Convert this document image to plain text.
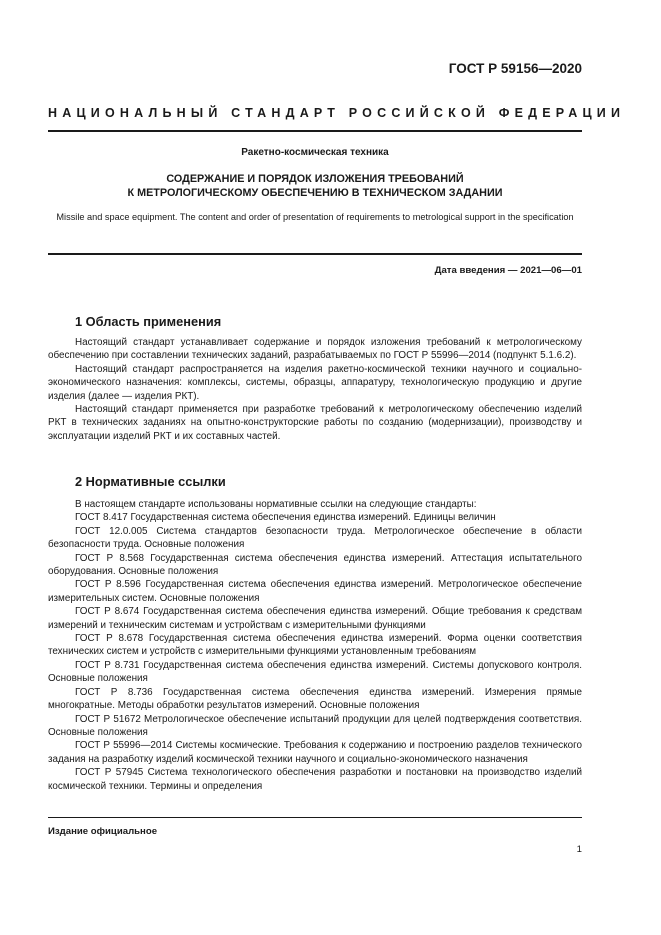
ГОСТ Р 59156—2020
НАЦИОНАЛЬНЫЙ СТАНДАРТ РОССИЙСКОЙ ФЕДЕРАЦИИ
Ракетно-космическая техника
СОДЕРЖАНИЕ И ПОРЯДОК ИЗЛОЖЕНИЯ ТРЕБОВАНИЙ
К МЕТРОЛОГИЧЕСКОМУ ОБЕСПЕЧЕНИЮ В ТЕХНИЧЕСКОМ ЗАДАНИИ
Missile and space equipment. The content and order of presentation of requirements to metrological support in the specification
Дата введения — 2021—06—01
1 Область применения

Настоящий стандарт устанавливает содержание и порядок изложения требований к метрологическому обеспечению при составлении технических заданий, разрабатываемых по ГОСТ Р 55996—2014 (подпункт 5.1.6.2).

Настоящий стандарт распространяется на изделия ракетно-космической техники научного и социально-экономического назначения: комплексы, системы, образцы, аппаратуру, технологическую продукцию и другие изделия (далее — изделия РКТ).

Настоящий стандарт применяется при разработке требований к метрологическому обеспечению изделий РКТ в технических заданиях на опытно-конструкторские работы по созданию (модернизации), производству и эксплуатации изделий РКТ и их составных частей.

2 Нормативные ссылки

В настоящем стандарте использованы нормативные ссылки на следующие стандарты:

ГОСТ 8.417 Государственная система обеспечения единства измерений. Единицы величин

ГОСТ 12.0.005 Система стандартов безопасности труда. Метрологическое обеспечение в области безопасности труда. Основные положения

ГОСТ Р 8.568 Государственная система обеспечения единства измерений. Аттестация испытательного оборудования. Основные положения

ГОСТ Р 8.596 Государственная система обеспечения единства измерений. Метрологическое обеспечение измерительных систем. Основные положения

ГОСТ Р 8.674 Государственная система обеспечения единства измерений. Общие требования к средствам измерений и техническим системам и устройствам с измерительными функциями

ГОСТ Р 8.678 Государственная система обеспечения единства измерений. Форма оценки соответствия технических систем и устройств с измерительными функциями установленным требованиям

ГОСТ Р 8.731 Государственная система обеспечения единства измерений. Системы допускового контроля. Основные положения

ГОСТ Р 8.736 Государственная система обеспечения единства измерений. Измерения прямые многократные. Методы обработки результатов измерений. Основные положения

ГОСТ Р 51672 Метрологическое обеспечение испытаний продукции для целей подтверждения соответствия. Основные положения

ГОСТ Р 55996—2014 Системы космические. Требования к содержанию и построению разделов технического задания на разработку изделий космической техники научного и социально-экономического назначения

ГОСТ Р 57945 Система технологического обеспечения разработки и постановки на производство изделий космической техники. Термины и определения

Издание официальное
1
